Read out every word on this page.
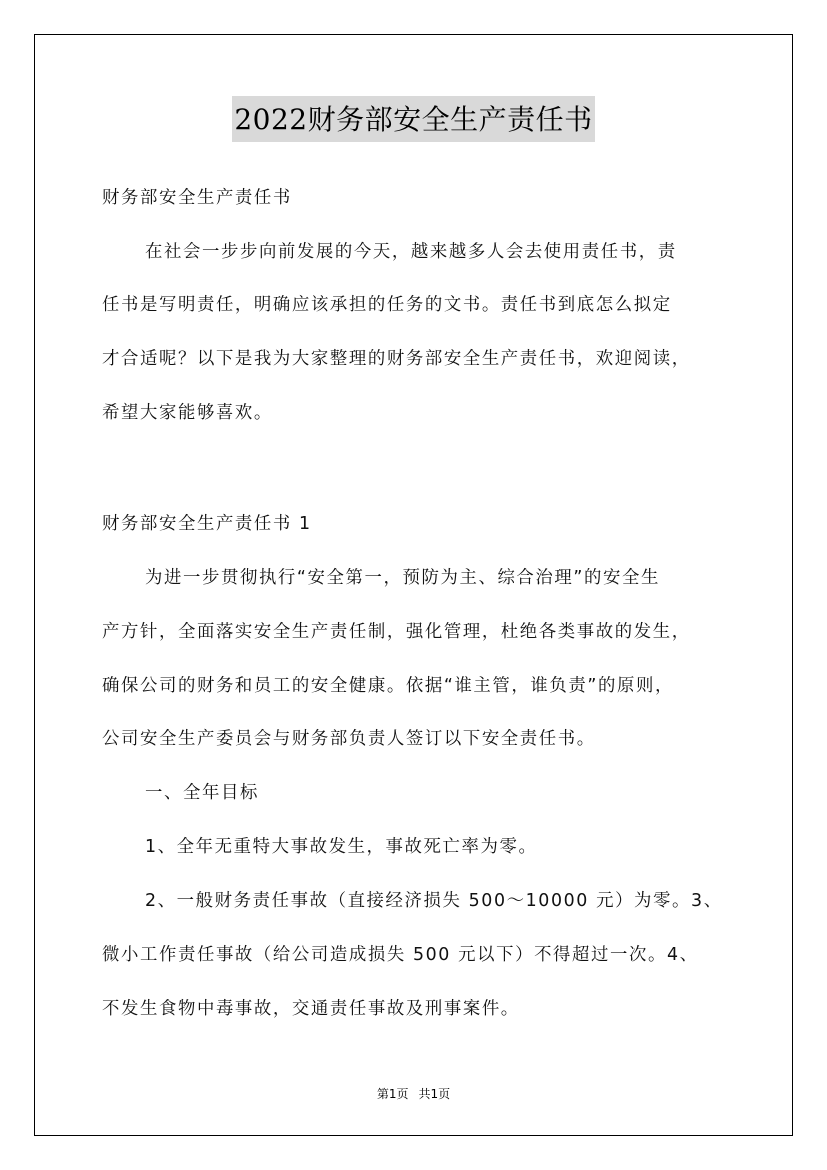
2022财务部安全生产责任书
财务部安全生产责任书
在社会一步步向前发展的今天，越来越多人会去使用责任书，责
任书是写明责任，明确应该承担的任务的文书。责任书到底怎么拟定
才合适呢？以下是我为大家整理的财务部安全生产责任书，欢迎阅读，
希望大家能够喜欢。
财务部安全生产责任书 1
为进一步贯彻执行“安全第一，预防为主、综合治理”的安全生
产方针，全面落实安全生产责任制，强化管理，杜绝各类事故的发生，
确保公司的财务和员工的安全健康。依据“谁主管，谁负责”的原则，
公司安全生产委员会与财务部负责人签订以下安全责任书。
一、全年目标
1、全年无重特大事故发生，事故死亡率为零。
2、一般财务责任事故（直接经济损失 500～10000 元）为零。3、
微小工作责任事故（给公司造成损失 500 元以下）不得超过一次。4、
不发生食物中毒事故，交通责任事故及刑事案件。
第1页 共1页
